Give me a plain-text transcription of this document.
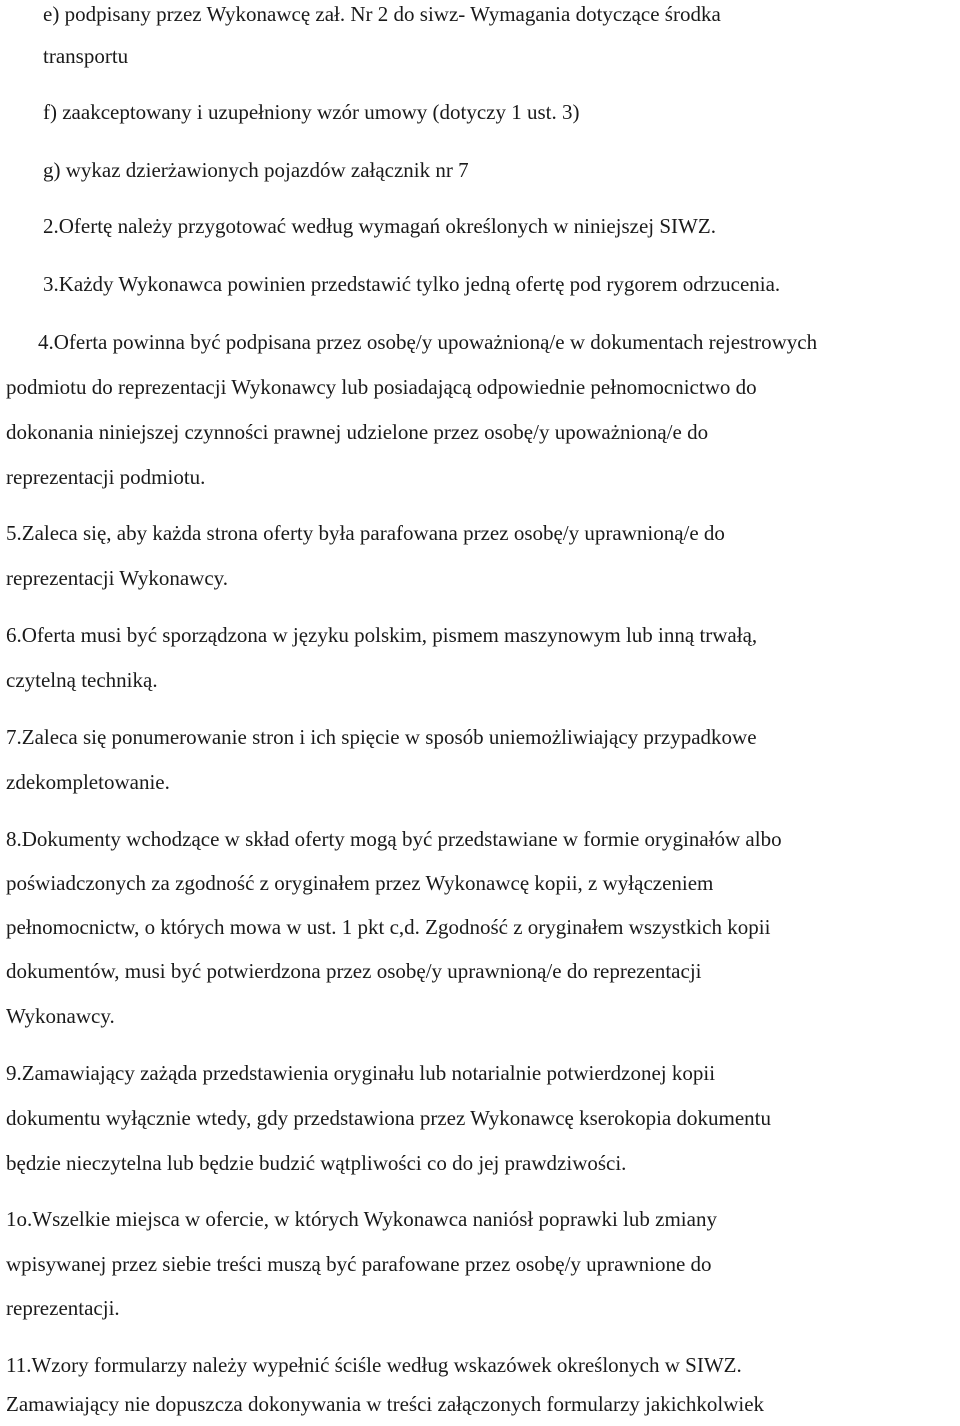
e) podpisany przez Wykonawcę zał. Nr 2 do siwz- Wymagania dotyczące środka
transportu
f) zaakceptowany i uzupełniony wzór umowy (dotyczy 1 ust. 3)
g) wykaz dzierżawionych pojazdów załącznik nr 7
2.Ofertę należy przygotować według wymagań określonych w niniejszej SIWZ.
3.Każdy Wykonawca powinien przedstawić tylko jedną ofertę pod rygorem odrzucenia.
4.Oferta powinna być podpisana przez osobę/y upoważnioną/e w dokumentach rejestrowych
podmiotu do reprezentacji Wykonawcy lub posiadającą odpowiednie pełnomocnictwo do
dokonania niniejszej czynności prawnej udzielone przez osobę/y upoważnioną/e do
reprezentacji podmiotu.
5.Zaleca się, aby każda strona oferty była parafowana przez osobę/y uprawnioną/e do
reprezentacji Wykonawcy.
6.Oferta musi być sporządzona w języku polskim, pismem maszynowym lub inną trwałą,
czytelną techniką.
7.Zaleca się ponumerowanie stron i ich spięcie w sposób uniemożliwiający przypadkowe
zdekompletowanie.
8.Dokumenty wchodzące w skład oferty mogą być przedstawiane w formie oryginałów albo
poświadczonych za zgodność z oryginałem przez Wykonawcę kopii, z wyłączeniem
pełnomocnictw, o których mowa w ust. 1 pkt c,d. Zgodność z oryginałem wszystkich kopii
dokumentów, musi być potwierdzona przez osobę/y uprawnioną/e do reprezentacji
Wykonawcy.
9.Zamawiający zażąda przedstawienia oryginału lub notarialnie potwierdzonej kopii
dokumentu wyłącznie wtedy, gdy przedstawiona przez Wykonawcę kserokopia dokumentu
będzie nieczytelna lub będzie budzić wątpliwości co do jej prawdziwości.
1o.Wszelkie miejsca w ofercie, w których Wykonawca naniósł poprawki lub zmiany
wpisywanej przez siebie treści muszą być parafowane przez osobę/y uprawnione do
reprezentacji.
11.Wzory formularzy należy wypełnić ściśle według wskazówek określonych w SIWZ.
Zamawiający nie dopuszcza dokonywania w treści załączonych formularzy jakichkolwiek
